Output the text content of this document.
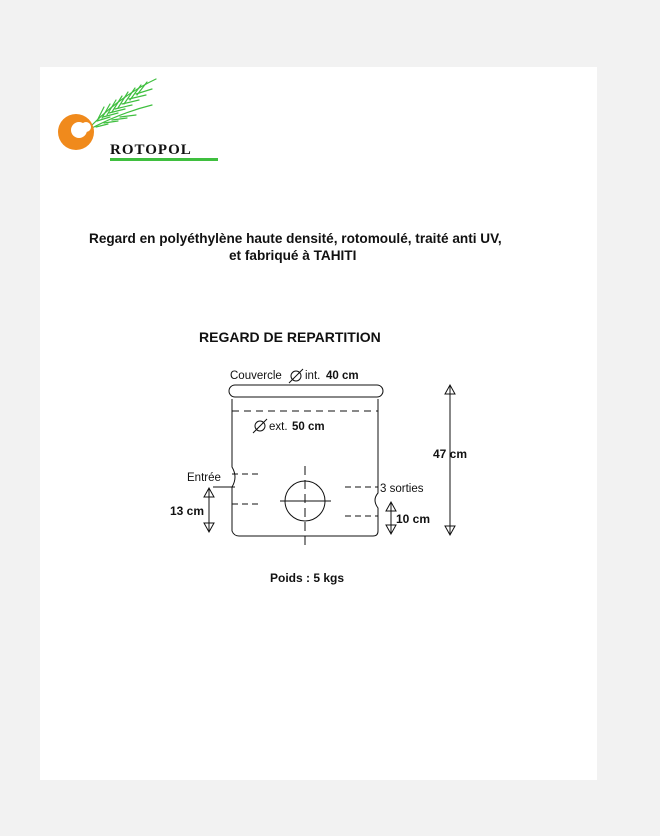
ROTOPOL
Regard en polyéthylène haute densité, rotomoulé, traité anti UV,
et fabriqué à TAHITI
REGARD DE REPARTITION
Couvercle int. 40 cm
ext. 50 cm
47 cm
Entrée
13 cm
3 sorties
10 cm
Poids : 5 kgs
